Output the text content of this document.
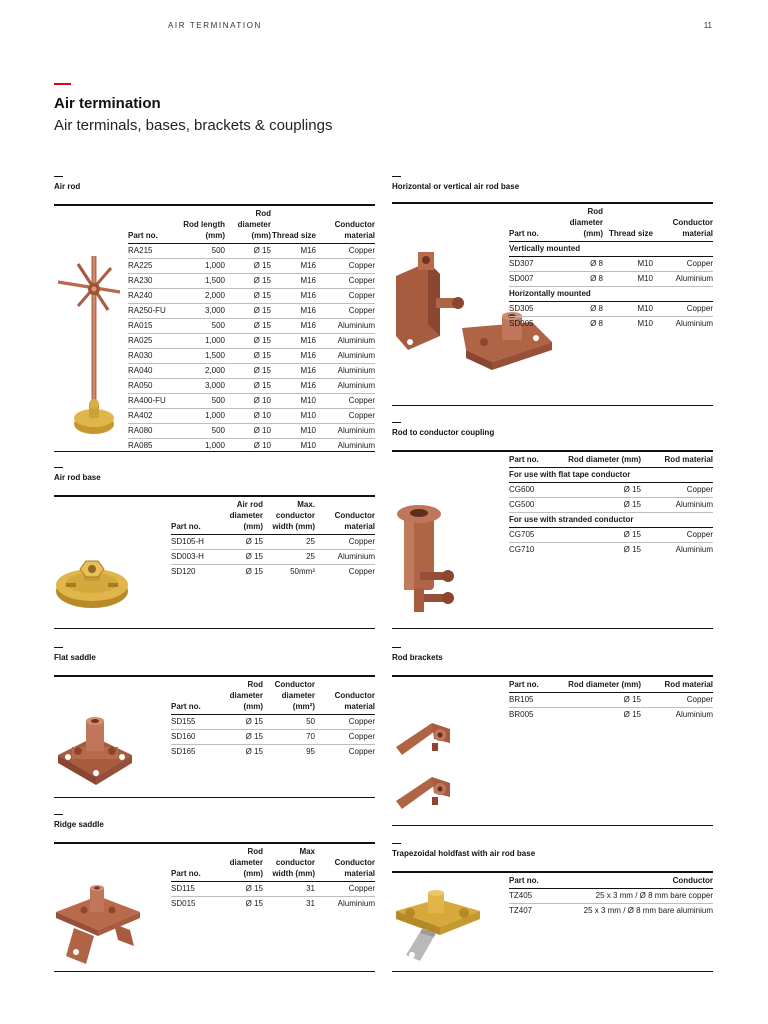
AIR TERMINATION	11
Air termination
Air terminals, bases, brackets & couplings
Air rod
Part no.	Rod length (mm)	Rod diameter (mm)	Thread size	Conductor material
RA215	500	Ø 15	M16	Copper
RA225	1,000	Ø 15	M16	Copper
RA230	1,500	Ø 15	M16	Copper
RA240	2,000	Ø 15	M16	Copper
RA250-FU	3,000	Ø 15	M16	Copper
RA015	500	Ø 15	M16	Aluminium
RA025	1,000	Ø 15	M16	Aluminium
RA030	1,500	Ø 15	M16	Aluminium
RA040	2,000	Ø 15	M16	Aluminium
RA050	3,000	Ø 15	M16	Aluminium
RA400-FU	500	Ø 10	M10	Copper
RA402	1,000	Ø 10	M10	Copper
RA080	500	Ø 10	M10	Aluminium
RA085	1,000	Ø 10	M10	Aluminium
Air rod base
Part no.	Air rod diameter (mm)	Max. conductor width (mm)	Conductor material
SD105-H	Ø 15	25	Copper
SD003-H	Ø 15	25	Aluminium
SD120	Ø 15	50mm²	Copper
Flat saddle
Part no.	Rod diameter (mm)	Conductor diameter (mm²)	Conductor material
SD155	Ø 15	50	Copper
SD160	Ø 15	70	Copper
SD165	Ø 15	95	Copper
Ridge saddle
Part no.	Rod diameter (mm)	Max conductor width (mm)	Conductor material
SD115	Ø 15	31	Copper
SD015	Ø 15	31	Aluminium
Horizontal or vertical air rod base
Part no.	Rod diameter (mm)	Thread size	Conductor material
Vertically mounted			
SD307	Ø 8	M10	Copper
SD007	Ø 8	M10	Aluminium
Horizontally mounted			
SD305	Ø 8	M10	Copper
SD005	Ø 8	M10	Aluminium
Rod to conductor coupling
Part no.	Rod diameter (mm)	Rod material
For use with flat tape conductor		
CG600	Ø 15	Copper
CG500	Ø 15	Aluminium
For use with stranded conductor		
CG705	Ø 15	Copper
CG710	Ø 15	Aluminium
Rod brackets
Part no.	Rod diameter (mm)	Rod material
BR105	Ø 15	Copper
BR005	Ø 15	Aluminium
Trapezoidal holdfast with air rod base
Part no.	Conductor
TZ405	25 x 3 mm / Ø 8 mm bare copper
TZ407	25 x 3 mm / Ø 8 mm bare aluminium
